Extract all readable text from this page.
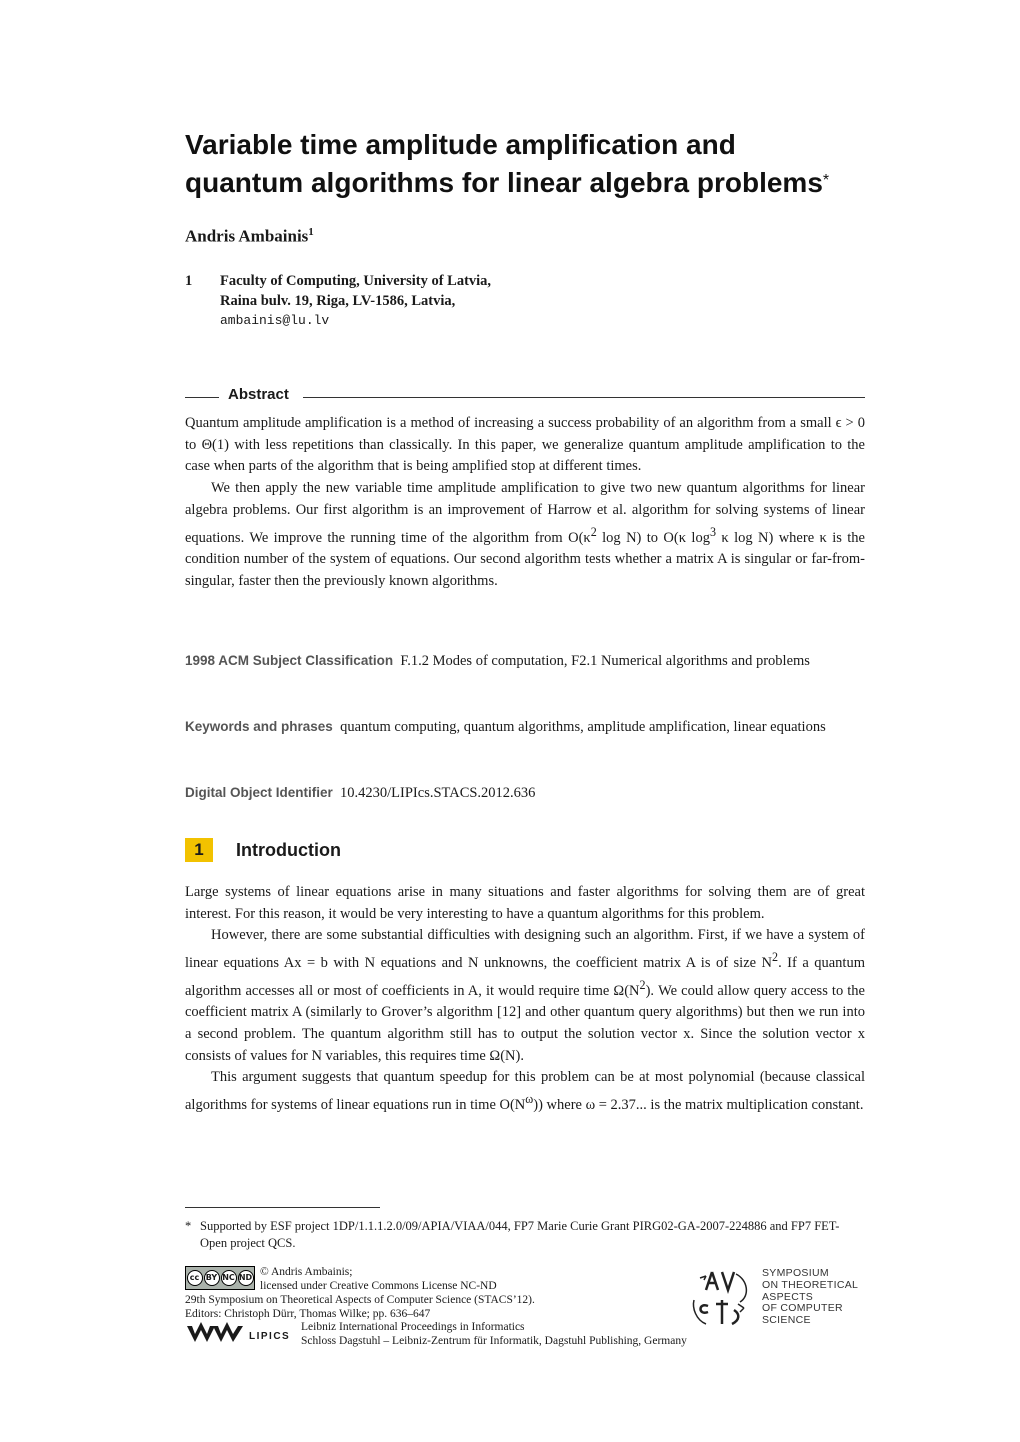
Variable time amplitude amplification and
quantum algorithms for linear algebra problems*
Andris Ambainis$^1$
1 Faculty of Computing, University of Latvia,
Raina bulv. 19, Riga, LV-1586, Latvia,
ambainis@lu.lv
Abstract

Quantum amplitude amplification is a method of increasing a success probability of an algorithm from a small ϵ > 0 to Θ(1) with less repetitions than classically. In this paper, we generalize quantum amplitude amplification to the case when parts of the algorithm that is being amplified stop at different times.

We then apply the new variable time amplitude amplification to give two new quantum algorithms for linear algebra problems. Our first algorithm is an improvement of Harrow et al. algorithm for solving systems of linear equations. We improve the running time of the algorithm from $O(\kappa^2$ log N) to O(κ $\log^3 \kappa$ log N) where κ is the condition number of the system of equations. Our second algorithm tests whether a matrix A is singular or far-from-singular, faster then the previously known algorithms.

1998 ACM Subject Classification F.1.2 Modes of computation, F2.1 Numerical algorithms and problems
Keywords and phrases quantum computing, quantum algorithms, amplitude amplification, linear equations
Digital Object Identifier 10.4230/LIPIcs.STACS.2012.636
1	Introduction

Large systems of linear equations arise in many situations and faster algorithms for solving them are of great interest. For this reason, it would be very interesting to have a quantum algorithms for this problem.

However, there are some substantial difficulties with designing such an algorithm. First, if we have a system of linear equations Ax = b with N equations and N unknowns, the coefficient matrix A is of size $N^2$. If a quantum algorithm accesses all or most of coefficients in A, it would require time $\Omega(N^2)$. We could allow query access to the coefficient matrix A (similarly to Grover’s algorithm [12] and other quantum query algorithms) but then we run into a second problem. The quantum algorithm still has to output the solution vector x. Since the solution vector x consists of values for N variables, this requires time Ω(N).

This argument suggests that quantum speedup for this problem can be at most polynomial (because classical algorithms for systems of linear equations run in time $O(N^\omega)$) where ω = 2.37... is the matrix multiplication constant.

* Supported by ESF project 1DP/1.1.1.2.0/09/APIA/VIAA/044, FP7 Marie Curie Grant PIRG02-GA-2007-224886 and FP7 FET-Open project QCS.
cc BY NC ND © Andris Ambainis;
licensed under Creative Commons License NC-ND
29th Symposium on Theoretical Aspects of Computer Science (STACS’12).
Editors: Christoph Dürr, Thomas Wilke; pp. 636–647
Leibniz International Proceedings in Informatics
Schloss Dagstuhl – Leibniz-Zentrum für Informatik, Dagstuhl Publishing, Germany
LIPICS
SYMPOSIUM
ON THEORETICAL
ASPECTS
OF COMPUTER
SCIENCE
